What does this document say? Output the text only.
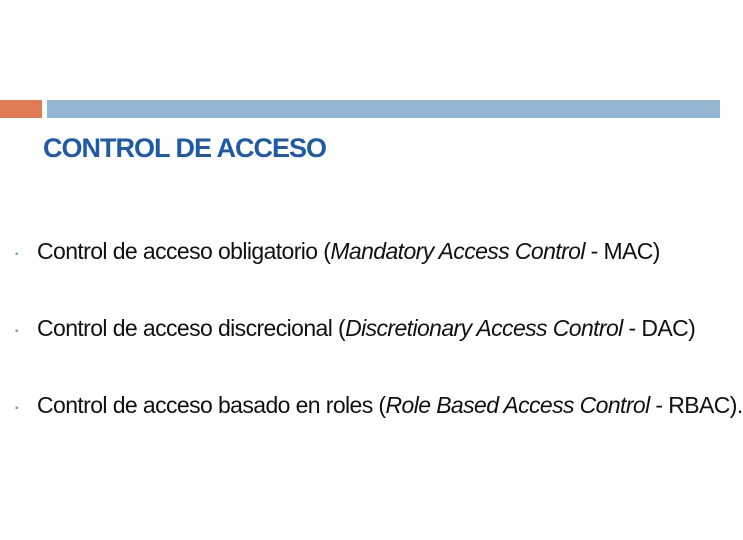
CONTROL DE ACCESO
▪ Control de acceso obligatorio (Mandatory Access Control - MAC)
▪ Control de acceso discrecional (Discretionary Access Control - DAC)
▪ Control de acceso basado en roles (Role Based Access Control - RBAC).
